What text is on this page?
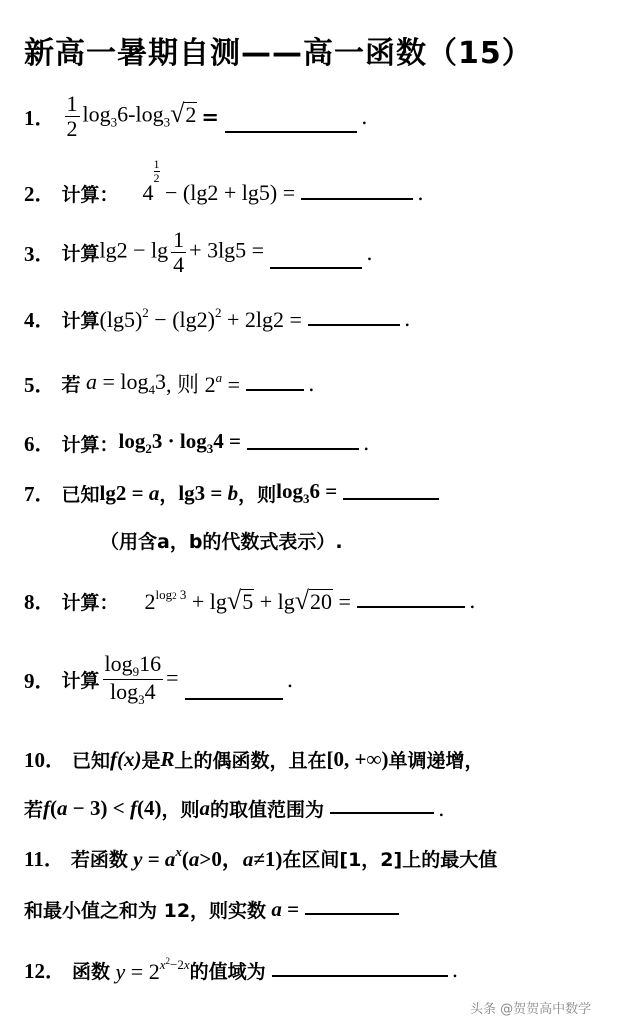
新高一暑期自测——高一函数（15）
1． $\frac{1}{2} \log_36-\log_3$ √ 2 =	.
2． 计算： 4
$\frac{1}{2}$
− (lg2 + lg5) =	.
3． 计算 $\lg 2 - \lg \frac{1}{4} + 3\lg 5$ =	.
4． 计算 $(\lg 5)^2 - (\lg 2)^2 + 2\lg 2$ =	.
5． 若 $a = \log_43$ , 则 $2^a$ =	.
6． 计算： $\log_23 \cdot \log_34$ =	.
7． 已知 lg2 = a ， lg3 = b ，则 $\log_36$ =
（用含a，b的代数式表示）.
8． 计算： $2^{log2 3} + \lg$ √ 5 + lg √ 20 =	.
9． 计算 $\frac{\log_916}{\log_34}$ =	.
10． 已知 f(x) 是 R 上的偶函数，且在 [0, +∞) 单调递增，
若 f(a − 3) < f(4) ，则 a 的取值范围为	.
11． 若函数 $y = a^x(a>0$，a≠1) 在区间[1，2]上的最大值
和最小值之和为 12，则实数 a =
12． 函数 $y = 2^{x^2-2x}$ 的值域为	.
头条 @贺贺高中数学
